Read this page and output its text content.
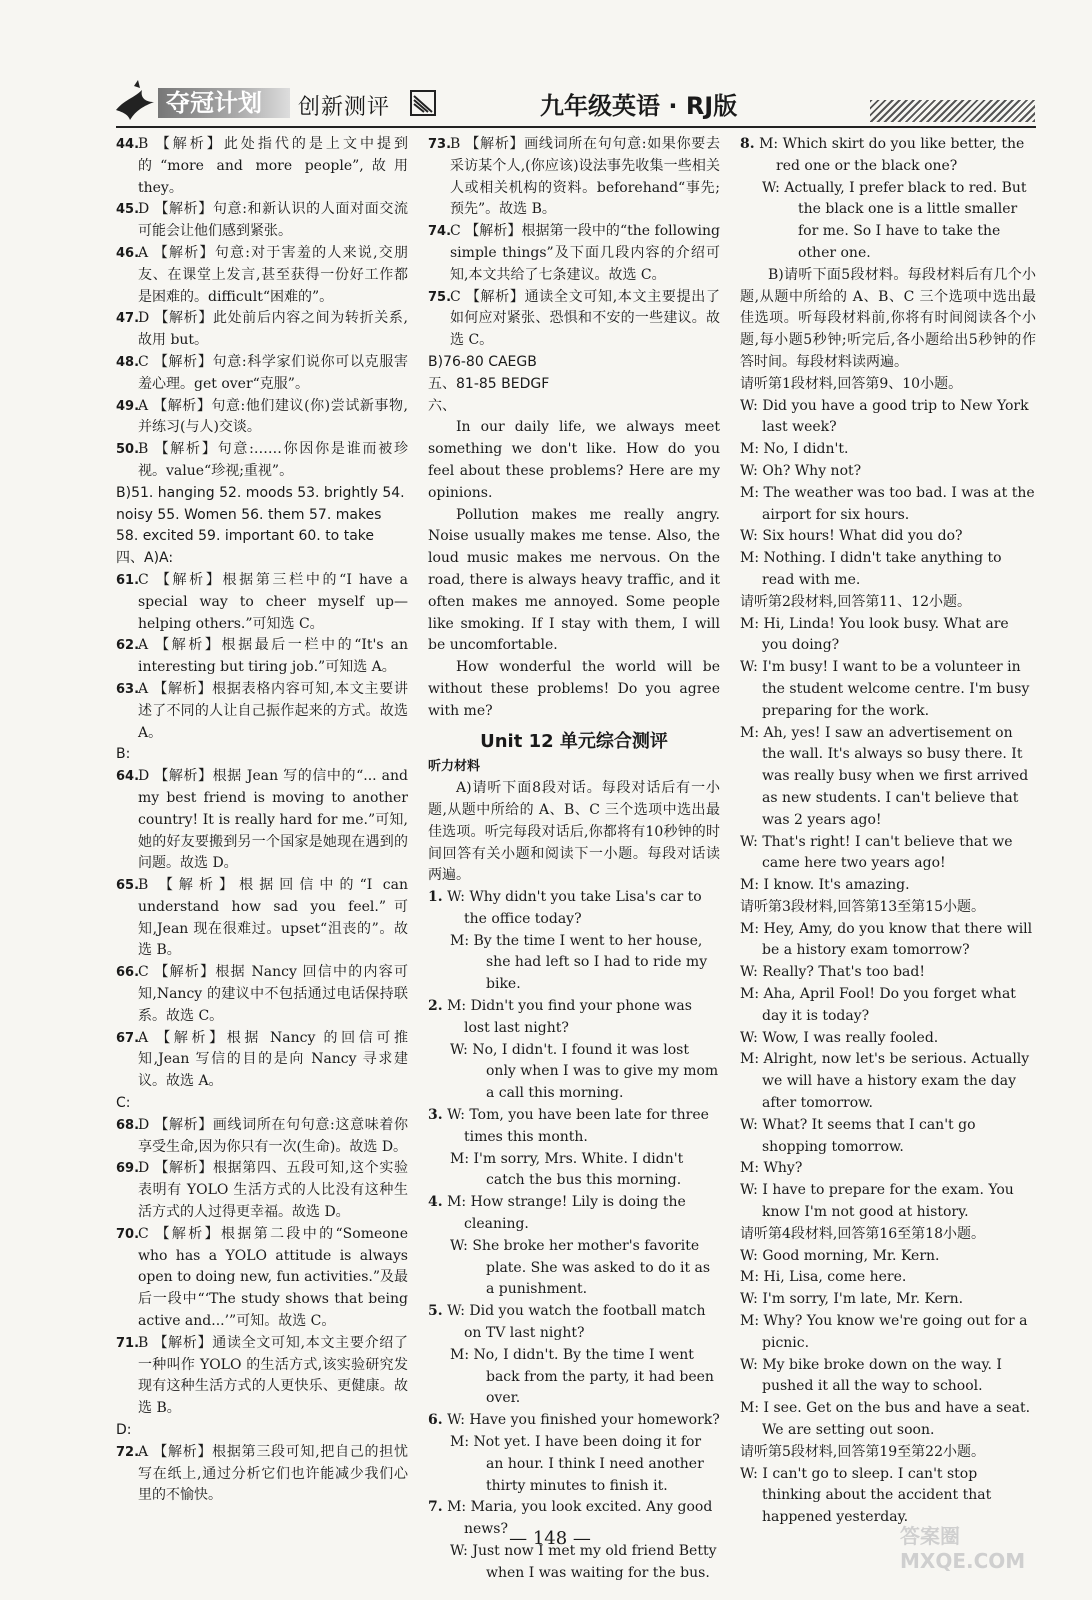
夺冠计划	创新测评	九年级英语 · RJ版

44.
B 【解析】此处指代的是上文中提到的“more and more people”,故用 they。

45.
D 【解析】句意:和新认识的人面对面交流可能会让他们感到紧张。

46.
A 【解析】句意:对于害羞的人来说,交朋友、在课堂上发言,甚至获得一份好工作都是困难的。difficult“困难的”。

47.
D 【解析】此处前后内容之间为转折关系,故用 but。

48.
C 【解析】句意:科学家们说你可以克服害羞心理。get over“克服”。

49.
A 【解析】句意:他们建议(你)尝试新事物,并练习(与人)交谈。

50.
B 【解析】句意:……你因你是谁而被珍视。value“珍视;重视”。

B)51. hanging 52. moods 53. brightly 54. noisy 55. Women 56. them 57. makes 58. excited 59. important 60. to take

四、A)A:

61.
C 【解析】根据第三栏中的“I have a special way to cheer myself up—helping others.”可知选 C。

62.
A 【解析】根据最后一栏中的“It's an interesting but tiring job.”可知选 A。

63.
A 【解析】根据表格内容可知,本文主要讲述了不同的人让自己振作起来的方式。故选 A。

B:

64.
D 【解析】根据 Jean 写的信中的“... and my best friend is moving to another country! It is really hard for me.”可知,她的好友要搬到另一个国家是她现在遇到的问题。故选 D。

65.
B 【解析】根据回信中的“I can understand how sad you feel.”可知,Jean 现在很难过。upset“沮丧的”。故选 B。

66.
C 【解析】根据 Nancy 回信中的内容可知,Nancy 的建议中不包括通过电话保持联系。故选 C。

67.
A 【解析】根据 Nancy 的回信可推知,Jean 写信的目的是向 Nancy 寻求建议。故选 A。

C:

68.
D 【解析】画线词所在句句意:这意味着你享受生命,因为你只有一次(生命)。故选 D。

69.
D 【解析】根据第四、五段可知,这个实验表明有 YOLO 生活方式的人比没有这种生活方式的人过得更幸福。故选 D。

70.
C 【解析】根据第二段中的“Someone who has a YOLO attitude is always open to doing new, fun activities.”及最后一段中“‘The study shows that being active and...’”可知。故选 C。

71.
B 【解析】通读全文可知,本文主要介绍了一种叫作 YOLO 的生活方式,该实验研究发现有这种生活方式的人更快乐、更健康。故选 B。

D:

72.
A 【解析】根据第三段可知,把自己的担忧写在纸上,通过分析它们也许能减少我们心里的不愉快。

73.
B 【解析】画线词所在句句意:如果你要去采访某个人,(你应该)设法事先收集一些相关人或相关机构的资料。beforehand“事先;预先”。故选 B。

74.
C 【解析】根据第一段中的“the following simple things”及下面几段内容的介绍可知,本文共给了七条建议。故选 C。

75.
C 【解析】通读全文可知,本文主要提出了如何应对紧张、恐惧和不安的一些建议。故选 C。

B)76-80 CAEGB

五、81-85 BEDGF

六、

In our daily life, we always meet something we don't like. How do you feel about these problems? Here are my opinions.

Pollution makes me really angry. Noise usually makes me tense. Also, the loud music makes me nervous. On the road, there is always heavy traffic, and it often makes me annoyed. Some people like smoking. If I stay with them, I will be uncomfortable.

How wonderful the world will be without these problems! Do you agree with me?

Unit 12 单元综合测评

听力材料

A)请听下面8段对话。每段对话后有一小题,从题中所给的 A、B、C 三个选项中选出最佳选项。听完每段对话后,你都将有10秒钟的时间回答有关小题和阅读下一小题。每段对话读两遍。

1. W: Why didn't you take Lisa's car to the office today?

M: By the time I went to her house, she had left so I had to ride my bike.

2. M: Didn't you find your phone was lost last night?

W: No, I didn't. I found it was lost only when I was to give my mom a call this morning.

3. W: Tom, you have been late for three times this month.

M: I'm sorry, Mrs. White. I didn't catch the bus this morning.

4. M: How strange! Lily is doing the cleaning.

W: She broke her mother's favorite plate. She was asked to do it as a punishment.

5. W: Did you watch the football match on TV last night?

M: No, I didn't. By the time I went back from the party, it had been over.

6. W: Have you finished your homework?

M: Not yet. I have been doing it for an hour. I think I need another thirty minutes to finish it.

7. M: Maria, you look excited. Any good news?

W: Just now I met my old friend Betty when I was waiting for the bus.

8. M: Which skirt do you like better, the red one or the black one?

W: Actually, I prefer black to red. But the black one is a little smaller for me. So I have to take the other one.

B)请听下面5段材料。每段材料后有几个小题,从题中所给的 A、B、C 三个选项中选出最佳选项。听每段材料前,你将有时间阅读各个小题,每小题5秒钟;听完后,各小题给出5秒钟的作答时间。每段材料读两遍。

请听第1段材料,回答第9、10小题。

W: Did you have a good trip to New York last week?

M: No, I didn't.

W: Oh? Why not?

M: The weather was too bad. I was at the airport for six hours.

W: Six hours! What did you do?

M: Nothing. I didn't take anything to read with me.

请听第2段材料,回答第11、12小题。

M: Hi, Linda! You look busy. What are you doing?

W: I'm busy! I want to be a volunteer in the student welcome centre. I'm busy preparing for the work.

M: Ah, yes! I saw an advertisement on the wall. It's always so busy there. It was really busy when we first arrived as new students. I can't believe that was 2 years ago!

W: That's right! I can't believe that we came here two years ago!

M: I know. It's amazing.

请听第3段材料,回答第13至第15小题。

M: Hey, Amy, do you know that there will be a history exam tomorrow?

W: Really? That's too bad!

M: Aha, April Fool! Do you forget what day it is today?

W: Wow, I was really fooled.

M: Alright, now let's be serious. Actually we will have a history exam the day after tomorrow.

W: What? It seems that I can't go shopping tomorrow.

M: Why?

W: I have to prepare for the exam. You know I'm not good at history.

请听第4段材料,回答第16至第18小题。

W: Good morning, Mr. Kern.

M: Hi, Lisa, come here.

W: I'm sorry, I'm late, Mr. Kern.

M: Why? You know we're going out for a picnic.

W: My bike broke down on the way. I pushed it all the way to school.

M: I see. Get on the bus and have a seat. We are setting out soon.

请听第5段材料,回答第19至第22小题。

W: I can't go to sleep. I can't stop thinking about the accident that happened yesterday.

— 148 —	答案圈 MXQE.COM
